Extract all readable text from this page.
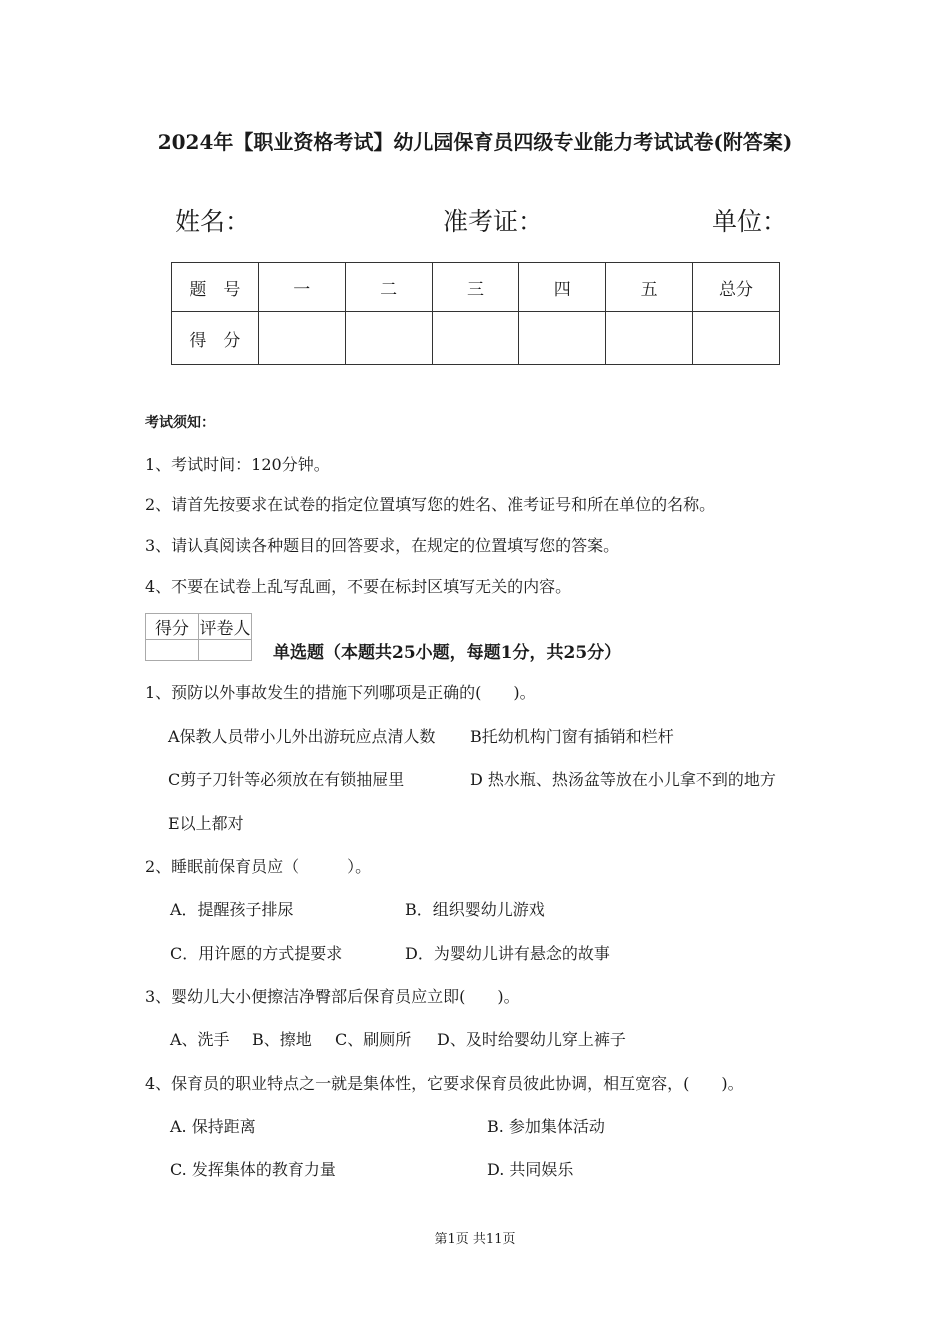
2024年【职业资格考试】幼儿园保育员四级专业能力考试试卷(附答案)
姓名：	准考证：	单位：
题　号	一	二	三	四	五	总分
得　分						
考试须知：
1、考试时间：120分钟。
2、请首先按要求在试卷的指定位置填写您的姓名、准考证号和所在单位的名称。
3、请认真阅读各种题目的回答要求，在规定的位置填写您的答案。
4、不要在试卷上乱写乱画，不要在标封区填写无关的内容。
得分	评卷人

单选题（本题共25小题，每题1分，共25分）
1、预防以外事故发生的措施下列哪项是正确的(　　)。
A保教人员带小儿外出游玩应点清人数 B托幼机构门窗有插销和栏杆
C剪子刀针等必须放在有锁抽屉里	D 热水瓶、热汤盆等放在小儿拿不到的地方
E以上都对
2、睡眠前保育员应（　　　）。
A．提醒孩子排尿	B．组织婴幼儿游戏
C．用许愿的方式提要求	D．为婴幼儿讲有悬念的故事
3、婴幼儿大小便擦洁净臀部后保育员应立即(　　)。
A、洗手 B、擦地 C、刷厕所 D、及时给婴幼儿穿上裤子
4、保育员的职业特点之一就是集体性，它要求保育员彼此协调，相互宽容，(　　)。
A. 保持距离	B. 参加集体活动
C. 发挥集体的教育力量	D. 共同娱乐
第1页 共11页
